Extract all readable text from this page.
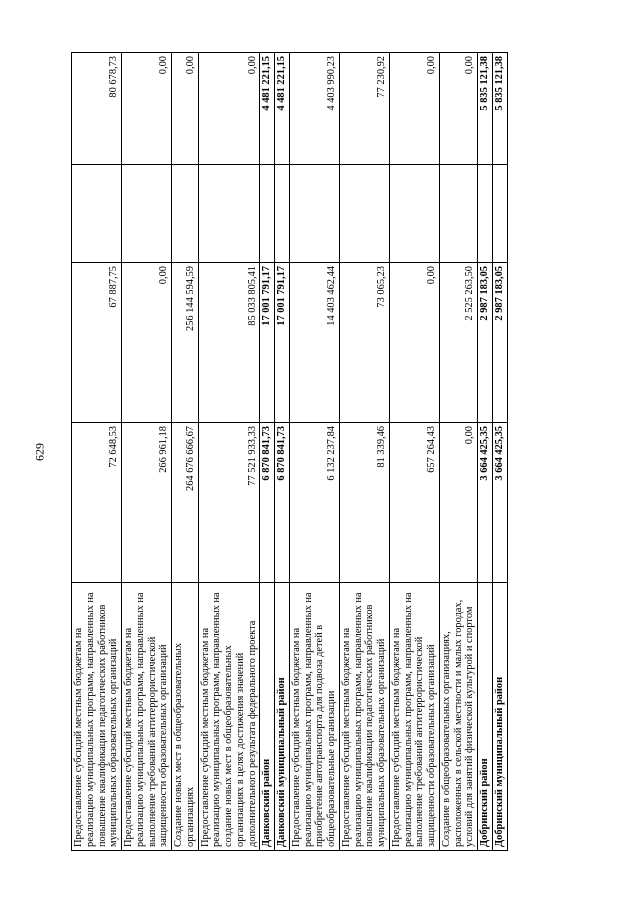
629
Предоставление субсидий местным бюджетам на реализацию муниципальных программ, направленных на повышение квалификации педагогических работников муниципальных образовательных организаций	72 648,53	67 887,75		80 678,73
Предоставление субсидий местным бюджетам на реализацию муниципальных программ, направленных на выполнение требований антитеррористической защищенности образовательных организаций	266 961,18	0,00		0,00
Создание новых мест в общеобразовательных организациях	264 676 666,67	256 144 594,59		0,00
Предоставление субсидий местным бюджетам на реализацию муниципальных программ, направленных на создание новых мест в общеобразовательных организациях в целях достижения значений дополнительного результата федерального проекта	77 521 933,33	85 033 805,41		0,00
Данковский район	6 870 841,73	17 001 791,17		4 481 221,15
Данковский муниципальный район	6 870 841,73	17 001 791,17		4 481 221,15
Предоставление субсидий местным бюджетам на реализацию муниципальных программ, направленных на приобретение автотранспорта для подвоза детей в общеобразовательные организации	6 132 237,84	14 403 462,44		4 403 990,23
Предоставление субсидий местным бюджетам на реализацию муниципальных программ, направленных на повышение квалификации педагогических работников муниципальных образовательных организаций	81 339,46	73 065,23		77 230,92
Предоставление субсидий местным бюджетам на реализацию муниципальных программ, направленных на выполнение требований антитеррористической защищенности образовательных организаций	657 264,43	0,00		0,00
Создание в общеобразовательных организациях, расположенных в сельской местности и малых городах, условий для занятий физической культурой и спортом	0,00	2 525 263,50		0,00
Добринский район	3 664 425,35	2 987 183,05		5 835 121,38
Добринский муниципальный район	3 664 425,35	2 987 183,05		5 835 121,38
